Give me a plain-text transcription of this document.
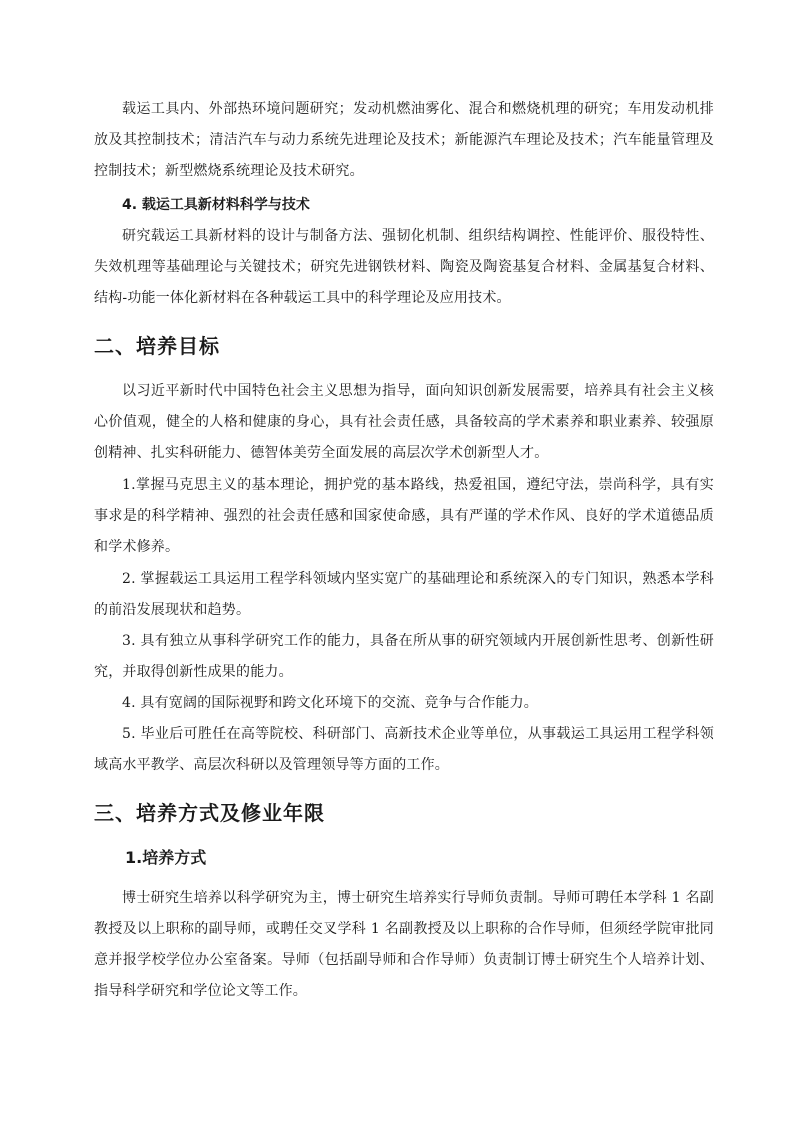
载运工具内、外部热环境问题研究；发动机燃油雾化、混合和燃烧机理的研究；车用发动机排放及其控制技术；清洁汽车与动力系统先进理论及技术；新能源汽车理论及技术；汽车能量管理及控制技术；新型燃烧系统理论及技术研究。

4. 载运工具新材料科学与技术

研究载运工具新材料的设计与制备方法、强韧化机制、组织结构调控、性能评价、服役特性、失效机理等基础理论与关键技术；研究先进钢铁材料、陶瓷及陶瓷基复合材料、金属基复合材料、结构-功能一体化新材料在各种载运工具中的科学理论及应用技术。

二、培养目标

以习近平新时代中国特色社会主义思想为指导，面向知识创新发展需要，培养具有社会主义核心价值观，健全的人格和健康的身心，具有社会责任感，具备较高的学术素养和职业素养、较强原创精神、扎实科研能力、德智体美劳全面发展的高层次学术创新型人才。

1.掌握马克思主义的基本理论，拥护党的基本路线，热爱祖国，遵纪守法，崇尚科学，具有实事求是的科学精神、强烈的社会责任感和国家使命感，具有严谨的学术作风、良好的学术道德品质和学术修养。

2. 掌握载运工具运用工程学科领域内坚实宽广的基础理论和系统深入的专门知识，熟悉本学科的前沿发展现状和趋势。

3. 具有独立从事科学研究工作的能力，具备在所从事的研究领域内开展创新性思考、创新性研究，并取得创新性成果的能力。

4. 具有宽阔的国际视野和跨文化环境下的交流、竞争与合作能力。

5. 毕业后可胜任在高等院校、科研部门、高新技术企业等单位，从事载运工具运用工程学科领域高水平教学、高层次科研以及管理领导等方面的工作。

三、培养方式及修业年限
1.培养方式

博士研究生培养以科学研究为主，博士研究生培养实行导师负责制。导师可聘任本学科 1 名副教授及以上职称的副导师，或聘任交叉学科 1 名副教授及以上职称的合作导师，但须经学院审批同意并报学校学位办公室备案。导师（包括副导师和合作导师）负责制订博士研究生个人培养计划、指导科学研究和学位论文等工作。
